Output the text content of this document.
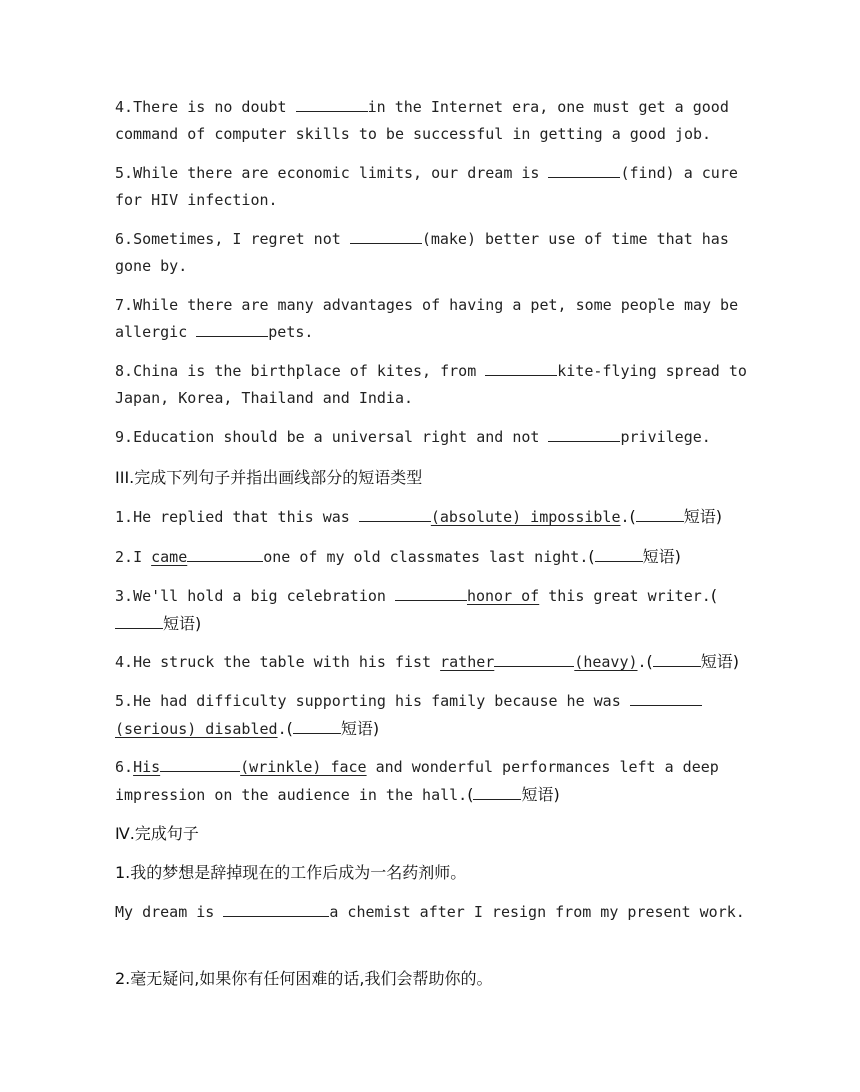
4.There is no doubt	in the Internet era, one must get a good command of computer skills to be successful in getting a good job.
5.While there are economic limits, our dream is	(find) a cure for HIV infection.
6.Sometimes, I regret not	(make) better use of time that has gone by.
7.While there are many advantages of having a pet, some people may be allergic	pets.
8.China is the birthplace of kites, from	kite-flying spread to Japan, Korea, Thailand and India.
9.Education should be a universal right and not	privilege.
III.完成下列句子并指出画线部分的短语类型
1.He replied that this was	(absolute) impossible.(	短语)
2.I came	one of my old classmates last night.(	短语)
3.We'll hold a big celebration	honor of this great writer.(短语)
4.He struck the table with his fist rather	(heavy).(	短语)
5.He had difficulty supporting his family because he was (serious) disabled.(	短语)
6.His	(wrinkle) face and wonderful performances left a deep impression on the audience in the hall.(	短语)
Ⅳ.完成句子
1.我的梦想是辞掉现在的工作后成为一名药剂师。
My dream is	a chemist after I resign from my present work.
2.毫无疑问,如果你有任何困难的话,我们会帮助你的。
